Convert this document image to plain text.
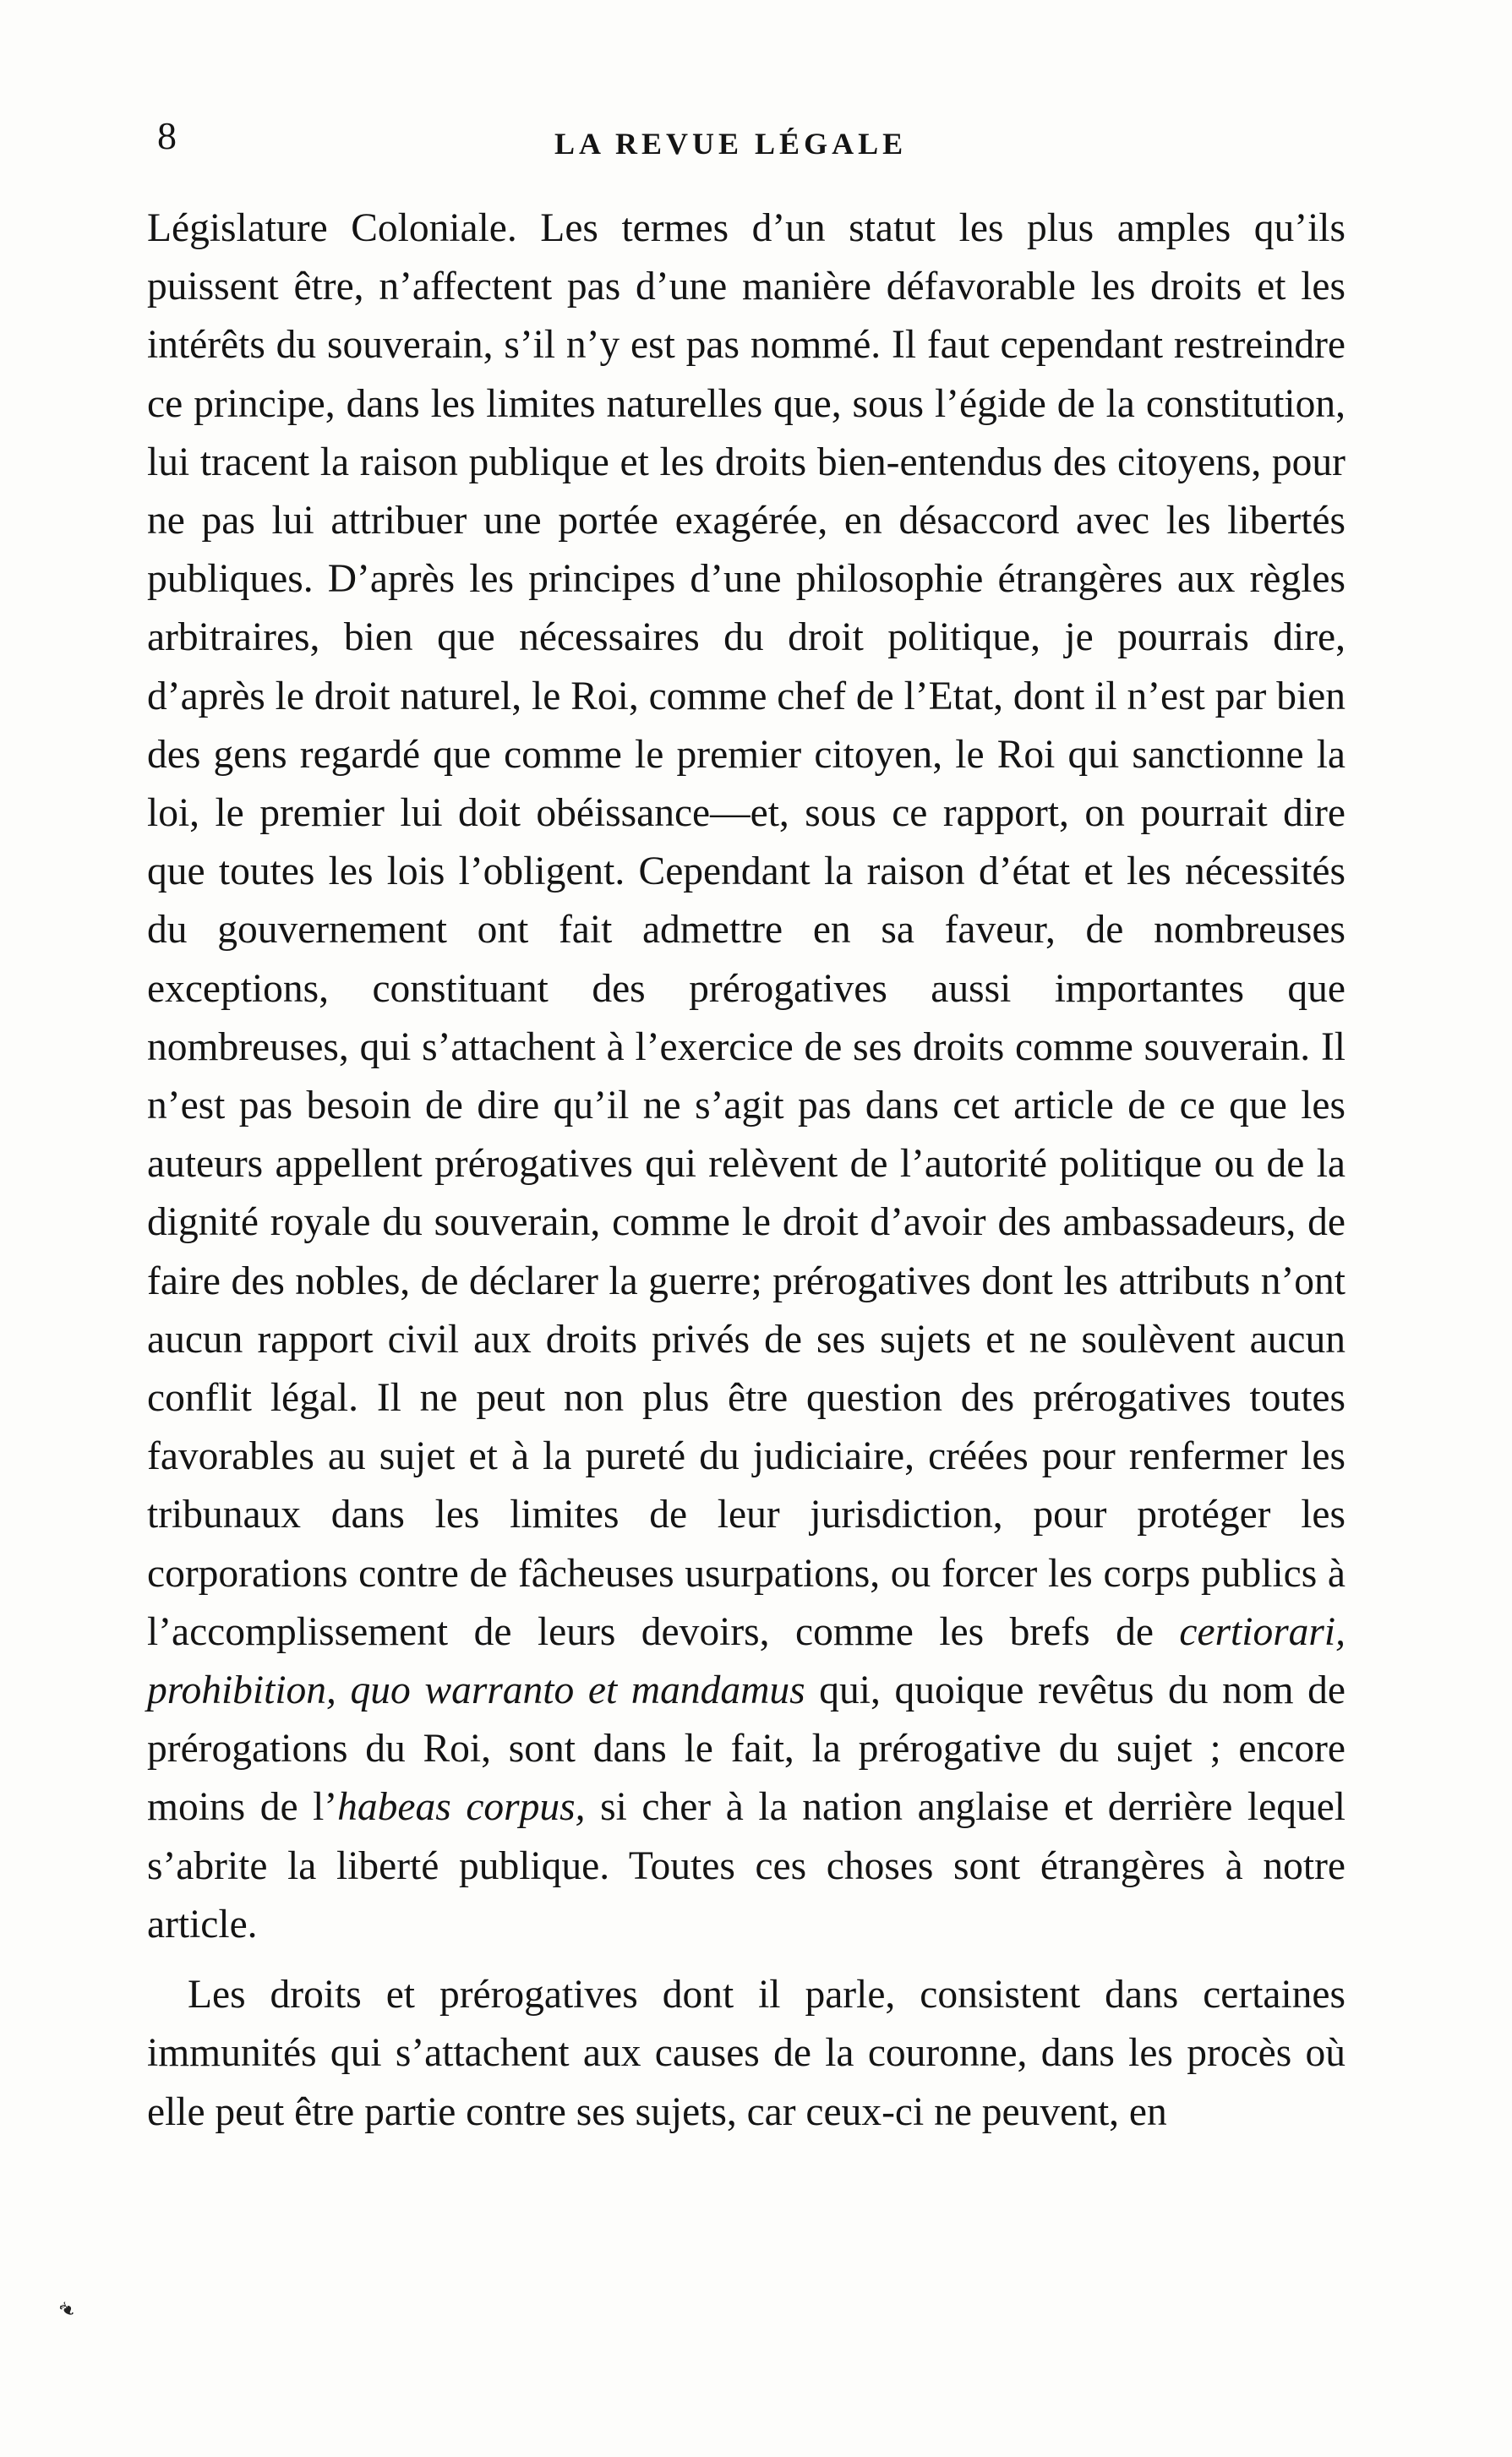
8	LA REVUE LÉGALE

Législature Coloniale. Les termes d’un statut les plus amples qu’ils puissent être, n’affectent pas d’une manière défavorable les droits et les intérêts du souverain, s’il n’y est pas nommé. Il faut cependant restreindre ce principe, dans les limites naturelles que, sous l’égide de la constitution, lui tracent la raison publique et les droits bien-entendus des citoyens, pour ne pas lui attribuer une portée exagérée, en désaccord avec les libertés publiques. D’après les principes d’une philosophie étrangères aux règles arbitraires, bien que nécessaires du droit politique, je pourrais dire, d’après le droit naturel, le Roi, comme chef de l’Etat, dont il n’est par bien des gens regardé que comme le premier citoyen, le Roi qui sanctionne la loi, le premier lui doit obéissance—et, sous ce rapport, on pourrait dire que toutes les lois l’obligent. Cependant la raison d’état et les nécessités du gouvernement ont fait admettre en sa faveur, de nombreuses exceptions, constituant des prérogatives aussi importantes que nombreuses, qui s’attachent à l’exercice de ses droits comme souverain. Il n’est pas besoin de dire qu’il ne s’agit pas dans cet article de ce que les auteurs appellent prérogatives qui relèvent de l’autorité politique ou de la dignité royale du souverain, comme le droit d’avoir des ambassadeurs, de faire des nobles, de déclarer la guerre; prérogatives dont les attributs n’ont aucun rapport civil aux droits privés de ses sujets et ne soulèvent aucun conflit légal. Il ne peut non plus être question des prérogatives toutes favorables au sujet et à la pureté du judiciaire, créées pour renfermer les tribunaux dans les limites de leur jurisdiction, pour protéger les corporations contre de fâcheuses usurpations, ou forcer les corps publics à l’accomplissement de leurs devoirs, comme les brefs de certiorari, prohibition, quo warranto et mandamus qui, quoique revêtus du nom de prérogations du Roi, sont dans le fait, la prérogative du sujet ; encore moins de l’habeas corpus, si cher à la nation anglaise et derrière lequel s’abrite la liberté publique. Toutes ces choses sont étrangères à notre article.

Les droits et prérogatives dont il parle, consistent dans certaines immunités qui s’attachent aux causes de la couronne, dans les procès où elle peut être partie contre ses sujets, car ceux-ci ne peuvent, en

❧
